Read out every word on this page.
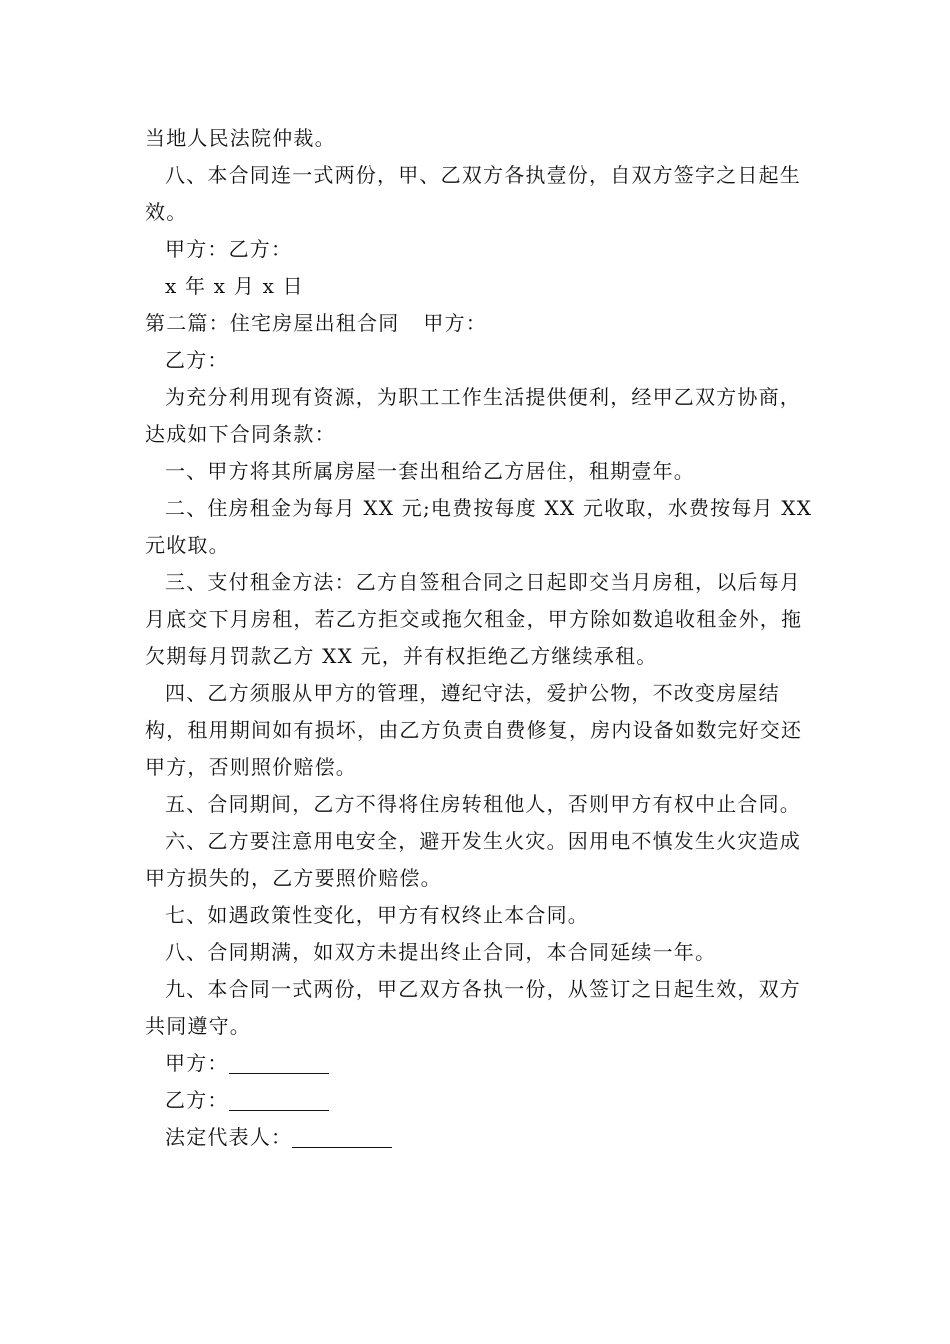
当地人民法院仲裁。

八、本合同连一式两份，甲、乙双方各执壹份，自双方签字之日起生效。

甲方：乙方：

x 年 x 月 x 日

第二篇：住宅房屋出租合同 甲方：

乙方：

为充分利用现有资源，为职工工作生活提供便利，经甲乙双方协商，达成如下合同条款：

一、甲方将其所属房屋一套出租给乙方居住，租期壹年。

二、住房租金为每月 XX 元;电费按每度 XX 元收取，水费按每月 XX 元收取。

三、支付租金方法：乙方自签租合同之日起即交当月房租，以后每月月底交下月房租，若乙方拒交或拖欠租金，甲方除如数追收租金外，拖欠期每月罚款乙方 XX 元，并有权拒绝乙方继续承租。

四、乙方须服从甲方的管理，遵纪守法，爱护公物，不改变房屋结构，租用期间如有损坏，由乙方负责自费修复，房内设备如数完好交还甲方，否则照价赔偿。

五、合同期间，乙方不得将住房转租他人，否则甲方有权中止合同。

六、乙方要注意用电安全，避开发生火灾。因用电不慎发生火灾造成甲方损失的，乙方要照价赔偿。

七、如遇政策性变化，甲方有权终止本合同。

八、合同期满，如双方未提出终止合同，本合同延续一年。

九、本合同一式两份，甲乙双方各执一份，从签订之日起生效，双方共同遵守。

甲方：

乙方：

法定代表人：
